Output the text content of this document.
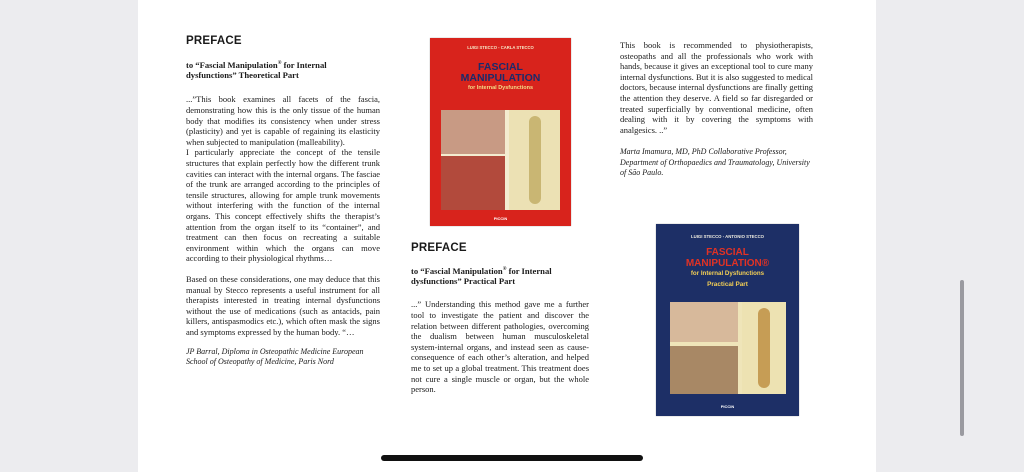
PREFACE
to “Fascial Manipulation® for Internal dysfunctions” Theoretical Part

...”This book examines all facets of the fascia, demonstrating how this is the only tissue of the human body that modifies its consistency when under stress (plasticity) and yet is capable of regaining its elasticity when subjected to manipulation (malleability).

I particularly appreciate the concept of the tensile structures that explain perfectly how the different trunk cavities can interact with the internal organs. The fasciae of the trunk are arranged according to the principles of tensile structures, allowing for ample trunk movements without interfering with the function of the internal organs. This concept effectively shifts the therapist’s attention from the organ itself to its “container”, and treatment can then focus on recreating a suitable environment within which the organs can move according to their physiological rhythms…

Based on these considerations, one may deduce that this manual by Stecco represents a useful instrument for all therapists interested in treating internal dysfunctions without the use of medications (such as antacids, pain killers, antispasmodics etc.), which often mask the signs and symptoms expressed by the human body. “…

JP Barral, Diploma in Osteopathic Medicine European School of Osteopathy of Medicine, Paris Nord
LUIGI STECCO - CARLA STECCO
FASCIAL
MANIPULATION
for Internal Dysfunctions
PICCIN
PREFACE
to “Fascial Manipulation® for Internal dysfunctions” Practical Part

...” Understanding this method gave me a further tool to investigate the patient and discover the relation between different pathologies, overcoming the dualism between human musculoskeletal system-internal organs, and instead seen as cause-consequence of each other’s alteration, and helped me to set up a global treatment. This treatment does not cure a single muscle or organ, but the whole person.

This book is recommended to physiotherapists, osteopaths and all the professionals who work with hands, because it gives an exceptional tool to cure many internal dysfunctions. But it is also suggested to medical doctors, because internal dysfunctions are finally getting the attention they deserve. A field so far disregarded or treated superficially by conventional medicine, often dealing with it by covering the symptoms with analgesics. ..”

Marta Imamura, MD, PhD Collaborative Professor, Department of Orthopaedics and Traumatology, University of São Paulo.
LUIGI STECCO - ANTONIO STECCO
FASCIAL
MANIPULATION®
for Internal Dysfunctions
Practical Part
PICCIN
